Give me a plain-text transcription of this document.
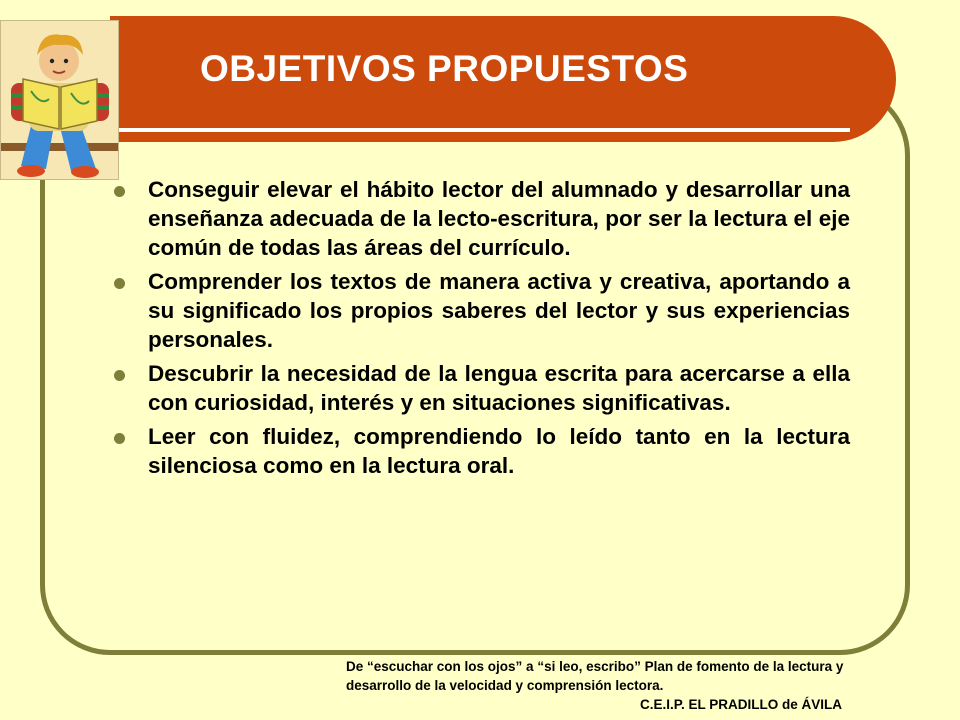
OBJETIVOS PROPUESTOS
Conseguir elevar el hábito lector del alumnado y desarrollar una enseñanza adecuada de la lecto-escritura, por ser la lectura el eje común de todas las áreas del currículo.
Comprender los textos de manera activa y creativa, aportando a su significado los propios saberes del lector y sus experiencias personales.
Descubrir la necesidad de la lengua escrita para acercarse a ella con curiosidad, interés y en situaciones significativas.
Leer con fluidez, comprendiendo lo leído tanto en la lectura silenciosa como en la lectura oral.
De “escuchar con los ojos” a “si leo, escribo” Plan de fomento de la lectura y desarrollo de la velocidad y comprensión lectora.
C.E.I.P. EL PRADILLO de ÁVILA
